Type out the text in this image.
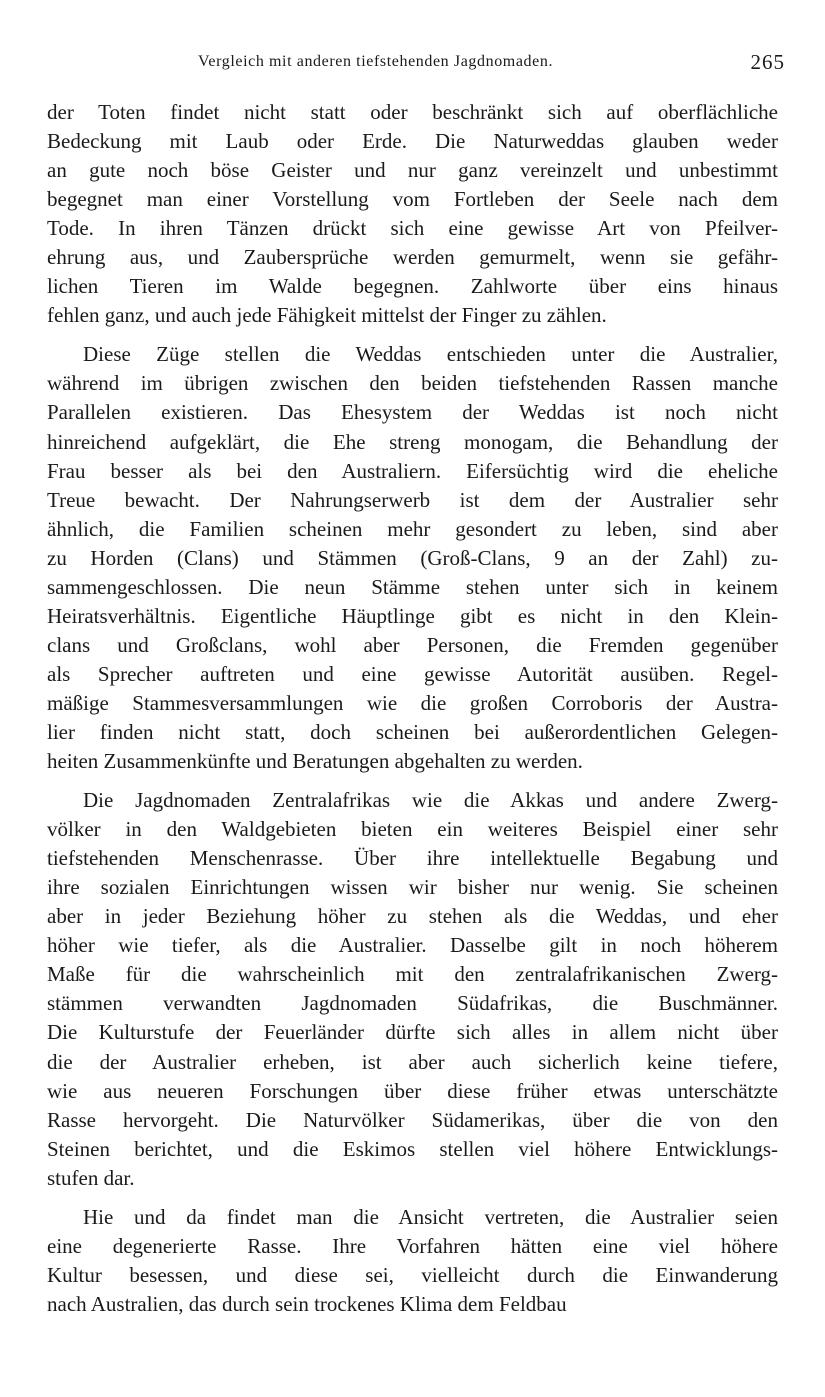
Vergleich mit anderen tiefstehenden Jagdnomaden.	265
der Toten findet nicht statt oder beschränkt sich auf oberflächliche
Bedeckung mit Laub oder Erde. Die Naturweddas glauben weder
an gute noch böse Geister und nur ganz vereinzelt und unbestimmt
begegnet man einer Vorstellung vom Fortleben der Seele nach dem
Tode. In ihren Tänzen drückt sich eine gewisse Art von Pfeilver-
ehrung aus, und Zaubersprüche werden gemurmelt, wenn sie gefähr-
lichen Tieren im Walde begegnen. Zahlworte über eins hinaus
fehlen ganz, und auch jede Fähigkeit mittelst der Finger zu zählen.
Diese Züge stellen die Weddas entschieden unter die Australier,
während im übrigen zwischen den beiden tiefstehenden Rassen manche
Parallelen existieren. Das Ehesystem der Weddas ist noch nicht
hinreichend aufgeklärt, die Ehe streng monogam, die Behandlung der
Frau besser als bei den Australiern. Eifersüchtig wird die eheliche
Treue bewacht. Der Nahrungserwerb ist dem der Australier sehr
ähnlich, die Familien scheinen mehr gesondert zu leben, sind aber
zu Horden (Clans) und Stämmen (Groß-Clans, 9 an der Zahl) zu-
sammengeschlossen. Die neun Stämme stehen unter sich in keinem
Heiratsverhältnis. Eigentliche Häuptlinge gibt es nicht in den Klein-
clans und Großclans, wohl aber Personen, die Fremden gegenüber
als Sprecher auftreten und eine gewisse Autorität ausüben. Regel-
mäßige Stammesversammlungen wie die großen Corroboris der Austra-
lier finden nicht statt, doch scheinen bei außerordentlichen Gelegen-
heiten Zusammenkünfte und Beratungen abgehalten zu werden.
Die Jagdnomaden Zentralafrikas wie die Akkas und andere Zwerg-
völker in den Waldgebieten bieten ein weiteres Beispiel einer sehr
tiefstehenden Menschenrasse. Über ihre intellektuelle Begabung und
ihre sozialen Einrichtungen wissen wir bisher nur wenig. Sie scheinen
aber in jeder Beziehung höher zu stehen als die Weddas, und eher
höher wie tiefer, als die Australier. Dasselbe gilt in noch höherem
Maße für die wahrscheinlich mit den zentralafrikanischen Zwerg-
stämmen verwandten Jagdnomaden Südafrikas, die Buschmänner.
Die Kulturstufe der Feuerländer dürfte sich alles in allem nicht über
die der Australier erheben, ist aber auch sicherlich keine tiefere,
wie aus neueren Forschungen über diese früher etwas unterschätzte
Rasse hervorgeht. Die Naturvölker Südamerikas, über die von den
Steinen berichtet, und die Eskimos stellen viel höhere Entwicklungs-
stufen dar.
Hie und da findet man die Ansicht vertreten, die Australier seien
eine degenerierte Rasse. Ihre Vorfahren hätten eine viel höhere
Kultur besessen, und diese sei, vielleicht durch die Einwanderung
nach Australien, das durch sein trockenes Klima dem Feldbau
